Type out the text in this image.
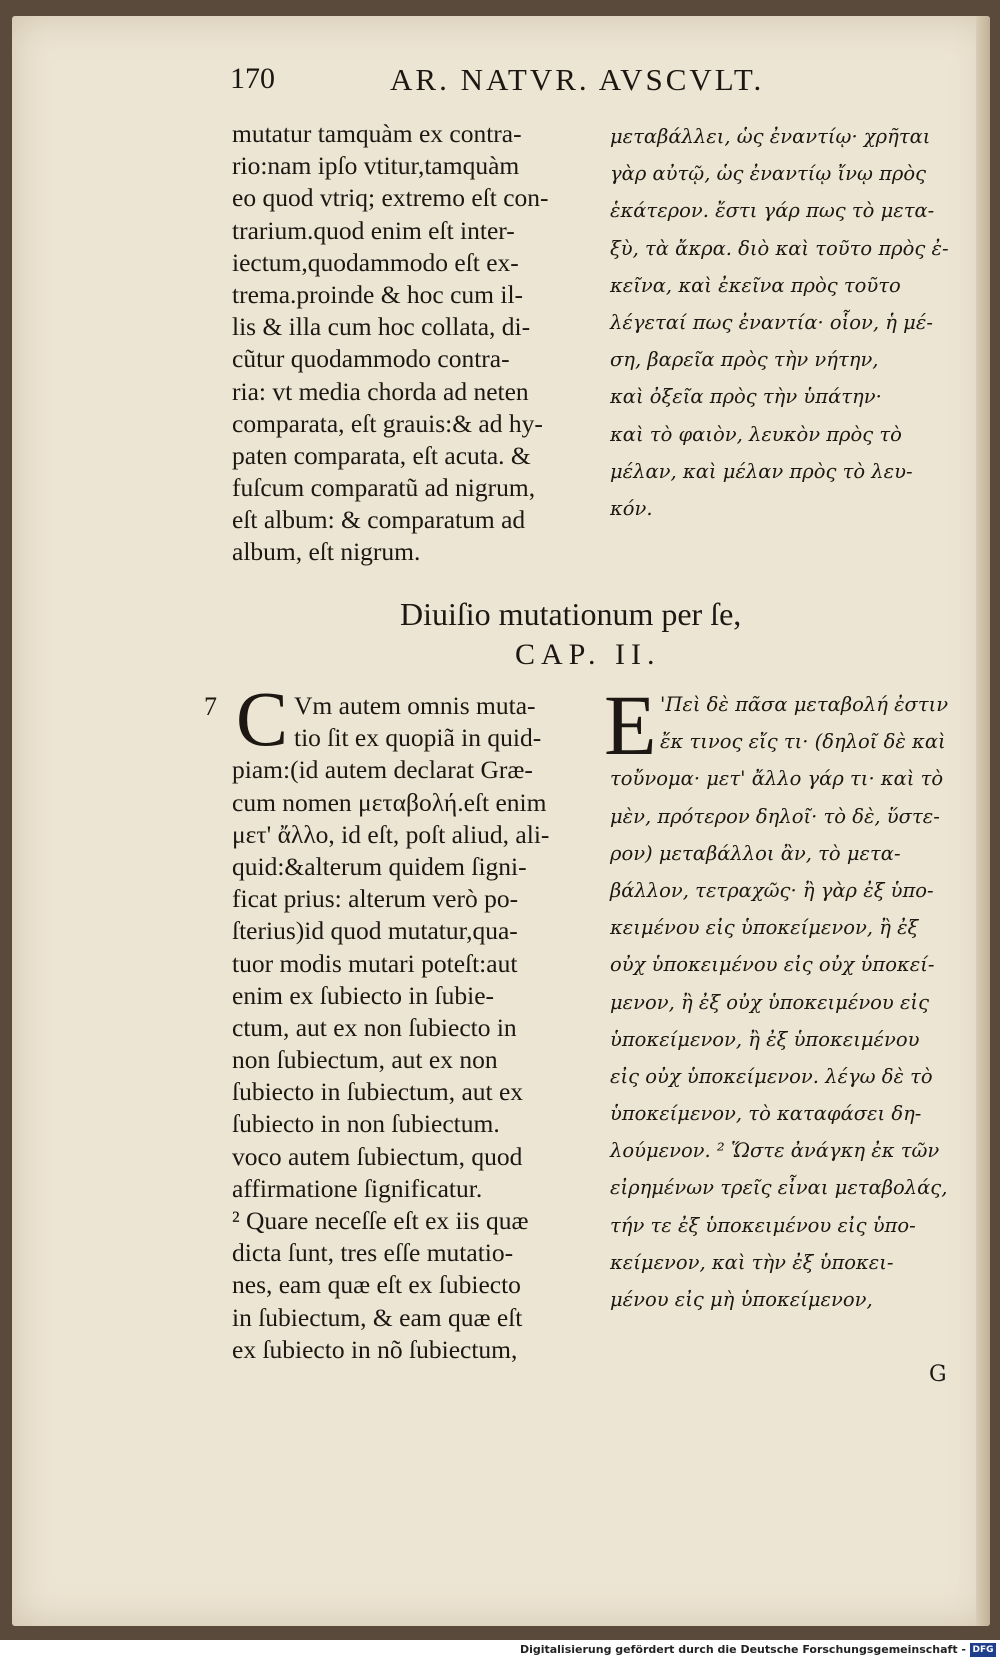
170	AR. NATVR. AVSCVLT.
mutatur tamquàm ex contra-
rio:nam ipſo vtitur,tamquàm
eo quod vtriq; extremo eſt con-
trarium.quod enim eſt inter-
iectum,quodammodo eſt ex-
trema.proinde & hoc cum il-
lis & illa cum hoc collata, di-
cũtur quodammodo contra-
ria: vt media chorda ad neten
comparata, eſt grauis:& ad hy-
paten comparata, eſt acuta. &
fuſcum comparatũ ad nigrum,
eſt album: & comparatum ad
album, eſt nigrum.
μεταβάλλει, ὡς ἐναντίῳ· χρῆται
γὰρ αὐτῷ, ὡς ἐναντίῳ ἴνῳ πρὸς
ἑκάτερον. ἔστι γάρ πως τὸ μετα-
ξὺ, τὰ ἄκρα. διὸ καὶ τοῦτο πρὸς ἐ-
κεῖνα, καὶ ἐκεῖνα πρὸς τοῦτο
λέγεταί πως ἐναντία· οἷον, ἡ μέ-
ση, βαρεῖα πρὸς τὴν νήτην,
καὶ ὀξεῖα πρὸς τὴν ὑπάτην·
καὶ τὸ φαιὸν, λευκὸν πρὸς τὸ
μέλαν, καὶ μέλαν πρὸς τὸ λευ-
κόν.
Diuiſio mutationum per ſe,
CAP. II.
7 C Vm autem omnis muta-
tio ſit ex quopiã in quid-
piam:(id autem declarat Græ-
cum nomen μεταβολή.eſt enim
μετ' ἄλλο, id eſt, poſt aliud, ali-
quid:&alterum quidem ſigni-
ficat prius: alterum verò po-
ſterius)id quod mutatur,qua-
tuor modis mutari poteſt:aut
enim ex ſubiecto in ſubie-
ctum, aut ex non ſubiecto in
non ſubiectum, aut ex non
ſubiecto in ſubiectum, aut ex
ſubiecto in non ſubiectum.
voco autem ſubiectum, quod
affirmatione ſignificatur.
² Quare neceſſe eſt ex iis quæ
dicta ſunt, tres eſſe mutatio-
nes, eam quæ eſt ex ſubiecto
in ſubiectum, & eam quæ eſt
ex ſubiecto in nõ ſubiectum,
E 'Πεὶ δὲ πᾶσα μεταβολή ἐστιν
ἔκ τινος εἴς τι· (δηλοῖ δὲ καὶ
τοὔνομα· μετ' ἄλλο γάρ τι· καὶ τὸ
μὲν, πρότερον δηλοῖ· τὸ δὲ, ὕστε-
ρον) μεταβάλλοι ἂν, τὸ μετα-
βάλλον, τετραχῶς· ἢ γὰρ ἐξ ὑπο-
κειμένου εἰς ὑποκείμενον, ἢ ἐξ
οὐχ ὑποκειμένου εἰς οὐχ ὑποκεί-
μενον, ἢ ἐξ οὐχ ὑποκειμένου εἰς
ὑποκείμενον, ἢ ἐξ ὑποκειμένου
εἰς οὐχ ὑποκείμενον. λέγω δὲ τὸ
ὑποκείμενον, τὸ καταφάσει δη-
λούμενον. ² Ὥστε ἀνάγκη ἐκ τῶν
εἰρημένων τρεῖς εἶναι μεταβολάς,
τήν τε ἐξ ὑποκειμένου εἰς ὑπο-
κείμενον, καὶ τὴν ἐξ ὑποκει-
μένου εἰς μὴ ὑποκείμενον,
G
Digitalisierung gefördert durch die Deutsche Forschungsgemeinschaft - DFG
